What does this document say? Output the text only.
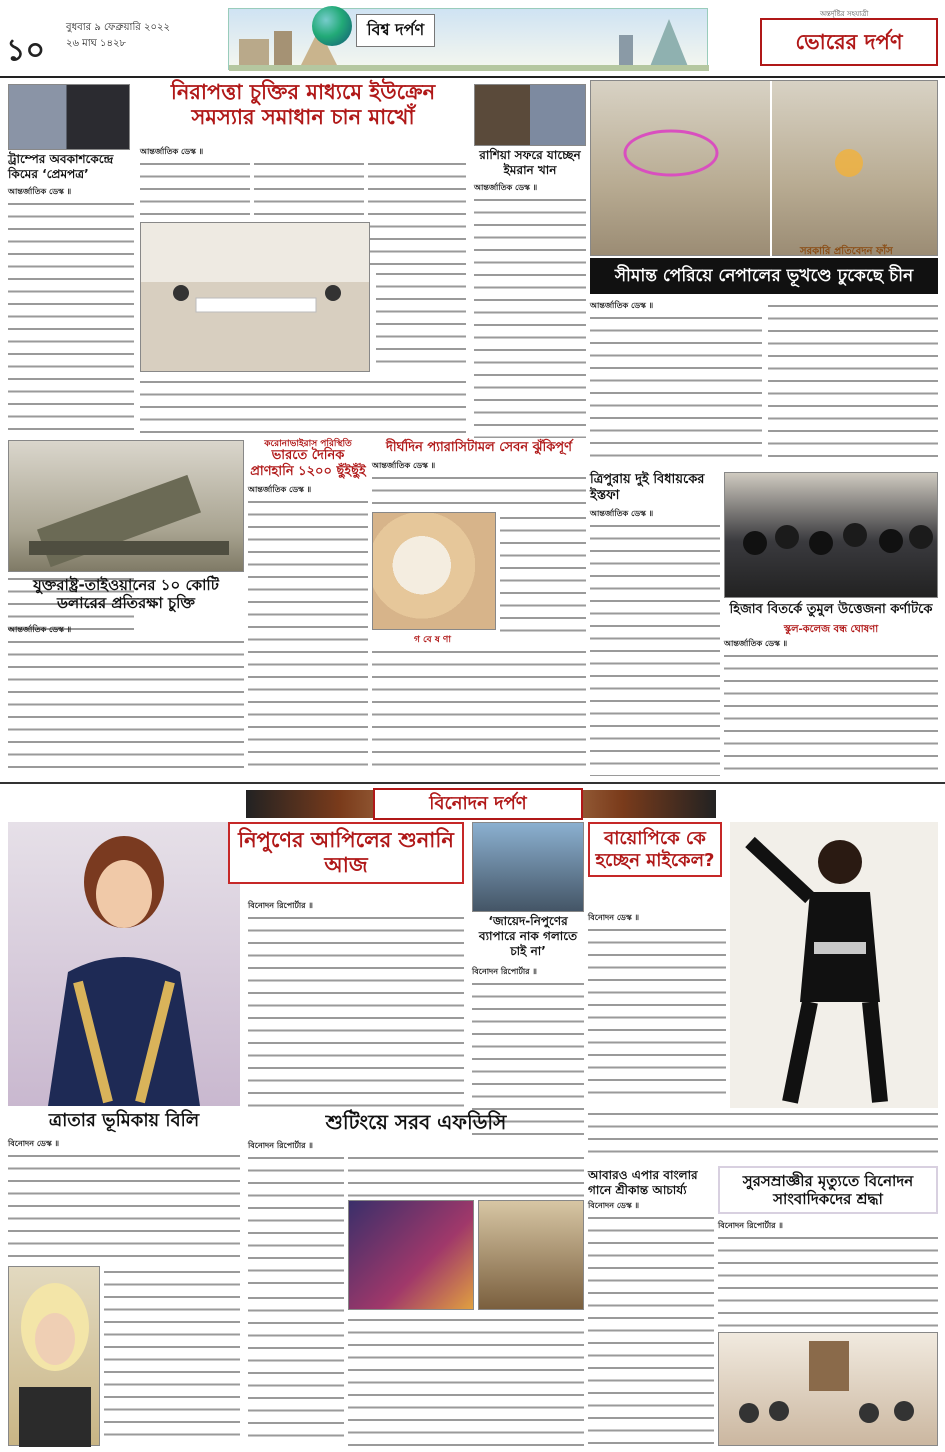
১০
বুধবার ৯ ফেব্রুয়ারি ২০২২
২৬ মাঘ ১৪২৮
বিশ্ব দর্পণ
অন্তর্দৃষ্টির সহযাত্রী
ভোরের দর্পণ
ট্রাম্পের অবকাশকেন্দ্রে কিমের ‘প্রেমপত্র’
আন্তর্জাতিক ডেস্ক ॥
নিরাপত্তা চুক্তির মাধ্যমে ইউক্রেন সমস্যার সমাধান চান মাখোঁ
আন্তর্জাতিক ডেস্ক ॥	রাশিয়া সফরে যাচ্ছেন ইমরান খান
আন্তর্জাতিক ডেস্ক ॥
সরকারি প্রতিবেদন ফাঁস
সীমান্ত পেরিয়ে নেপালের ভূখণ্ডে ঢুকেছে চীন
আন্তর্জাতিক ডেস্ক ॥
করোনাভাইরাস পরিস্থিতি
ভারতে দৈনিক প্রাণহানি ১২০০ ছুঁইছুঁই
আন্তর্জাতিক ডেস্ক ॥
দীর্ঘদিন প্যারাসিটামল সেবন ঝুঁকিপূর্ণ
আন্তর্জাতিক ডেস্ক ॥
গ বে ষ ণা
যুক্তরাষ্ট্র-তাইওয়ানের ১০ কোটি ডলারের প্রতিরক্ষা চুক্তি
আন্তর্জাতিক ডেস্ক ॥
ত্রিপুরায় দুই বিধায়কের ইস্তফা
আন্তর্জাতিক ডেস্ক ॥
হিজাব বিতর্কে তুমুল উত্তেজনা কর্ণাটকে
স্কুল-কলেজ বন্ধ ঘোষণা
আন্তর্জাতিক ডেস্ক ॥
বিনোদন দর্পণ
নিপুণের আপিলের শুনানি আজ
বিনোদন রিপোর্টার ॥
‘জায়েদ-নিপুণের ব্যাপারে নাক গলাতে চাই না’
বিনোদন রিপোর্টার ॥
বায়োপিকে কে হচ্ছেন মাইকেল?
বিনোদন ডেস্ক ॥
ত্রাতার ভূমিকায় বিলি
বিনোদন ডেস্ক ॥
শুটিংয়ে সরব এফডিসি
বিনোদন রিপোর্টার ॥
আবারও এপার বাংলার গানে শ্রীকান্ত আচার্য্য
বিনোদন ডেস্ক ॥
সুরসম্রাজ্ঞীর মৃত্যুতে বিনোদন সাংবাদিকদের শ্রদ্ধা
বিনোদন রিপোর্টার ॥
